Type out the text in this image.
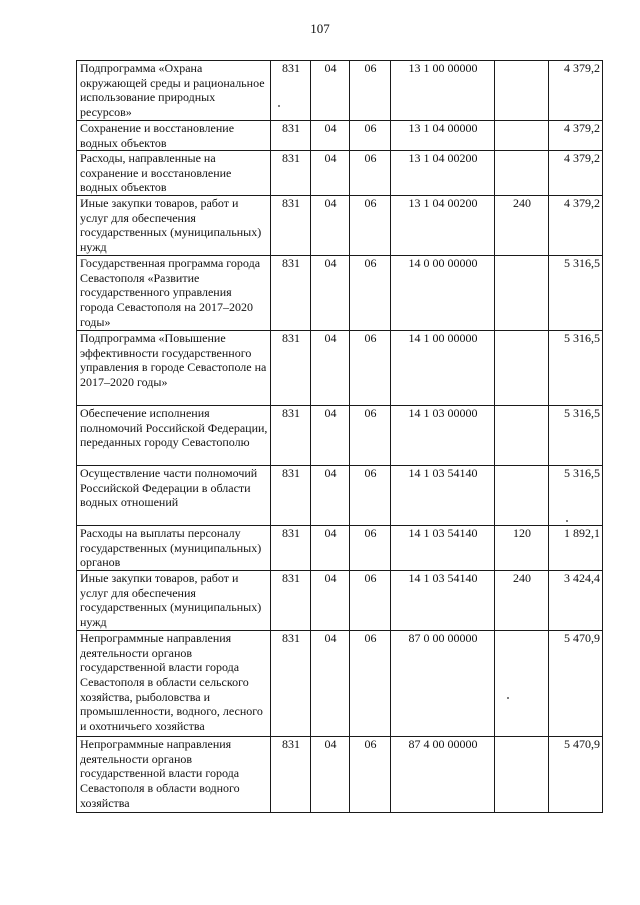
107
Подпрограмма «Охрана окружающей среды и рациональное использование природных ресурсов»	831	04	06	13 1 00 00000		4 379,2
Сохранение и восстановление водных объектов	831	04	06	13 1 04 00000		4 379,2
Расходы, направленные на сохранение и восстановление водных объектов	831	04	06	13 1 04 00200		4 379,2
Иные закупки товаров, работ и услуг для обеспечения государственных (муниципальных) нужд	831	04	06	13 1 04 00200	240	4 379,2
Государственная программа города Севастополя «Развитие государственного управления города Севастополя на 2017–2020 годы»	831	04	06	14 0 00 00000		5 316,5
Подпрограмма «Повышение эффективности государственного управления в городе Севастополе на 2017–2020 годы»	831	04	06	14 1 00 00000		5 316,5
Обеспечение исполнения полномочий Российской Федерации, переданных городу Севастополю	831	04	06	14 1 03 00000		5 316,5
Осуществление части полномочий Российской Федерации в области водных отношений	831	04	06	14 1 03 54140		5 316,5
Расходы на выплаты персоналу государственных (муниципальных) органов	831	04	06	14 1 03 54140	120	1 892,1
Иные закупки товаров, работ и услуг для обеспечения государственных (муниципальных) нужд	831	04	06	14 1 03 54140	240	3 424,4
Непрограммные направления деятельности органов государственной власти города Севастополя в области сельского хозяйства, рыболовства и промышленности, водного, лесного и охотничьего хозяйства	831	04	06	87 0 00 00000		5 470,9
Непрограммные направления деятельности органов государственной власти города Севастополя в области водного хозяйства	831	04	06	87 4 00 00000		5 470,9
